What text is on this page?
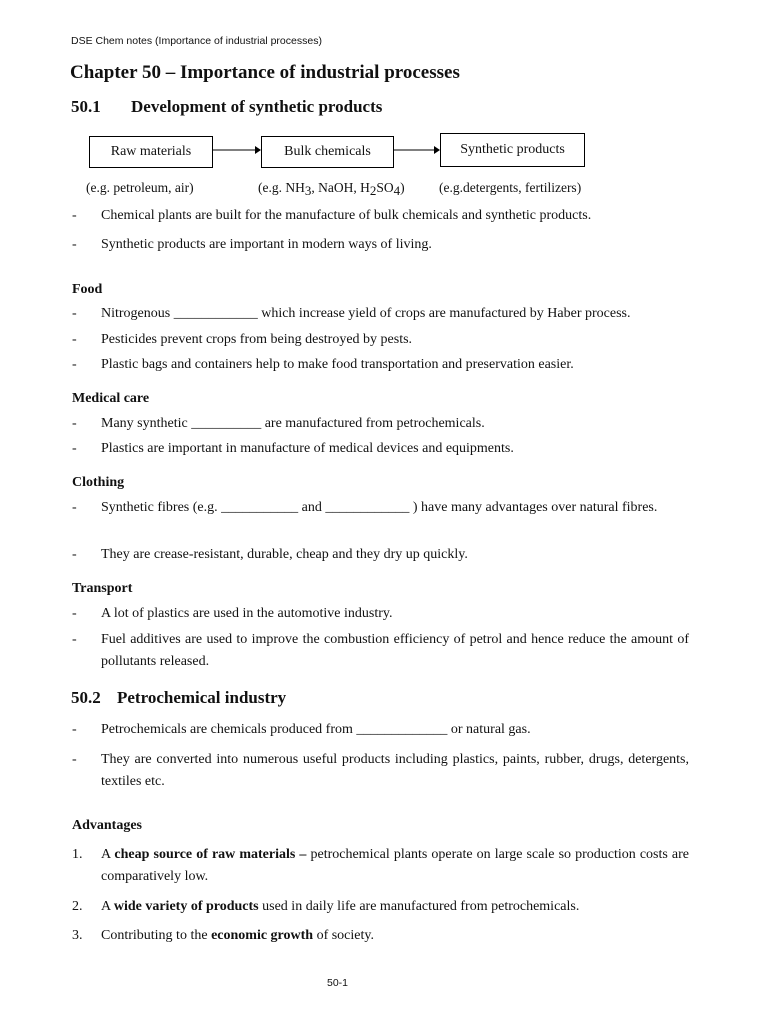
DSE Chem notes (Importance of industrial processes)
Chapter 50 – Importance of industrial processes
50.1 Development of synthetic products
Raw materials	Bulk chemicals	Synthetic products
(e.g. petroleum, air)	(e.g. NH3, NaOH, H2SO4)	(e.g.detergents, fertilizers)
- Chemical plants are built for the manufacture of bulk chemicals and synthetic products.
- Synthetic products are important in modern ways of living.
Food
- Nitrogenous ____________ which increase yield of crops are manufactured by Haber process.
- Pesticides prevent crops from being destroyed by pests.
- Plastic bags and containers help to make food transportation and preservation easier.
Medical care
- Many synthetic __________ are manufactured from petrochemicals.
- Plastics are important in manufacture of medical devices and equipments.
Clothing
- Synthetic fibres (e.g. ___________ and ____________ ) have many advantages over natural fibres.
- They are crease-resistant, durable, cheap and they dry up quickly.
Transport
- A lot of plastics are used in the automotive industry.
- Fuel additives are used to improve the combustion efficiency of petrol and hence reduce the amount of pollutants released.
50.2 Petrochemical industry
- Petrochemicals are chemicals produced from _____________ or natural gas.
- They are converted into numerous useful products including plastics, paints, rubber, drugs, detergents, textiles etc.
Advantages
1. A cheap source of raw materials – petrochemical plants operate on large scale so production costs are comparatively low.
2. A wide variety of products used in daily life are manufactured from petrochemicals.
3. Contributing to the economic growth of society.
50-1
